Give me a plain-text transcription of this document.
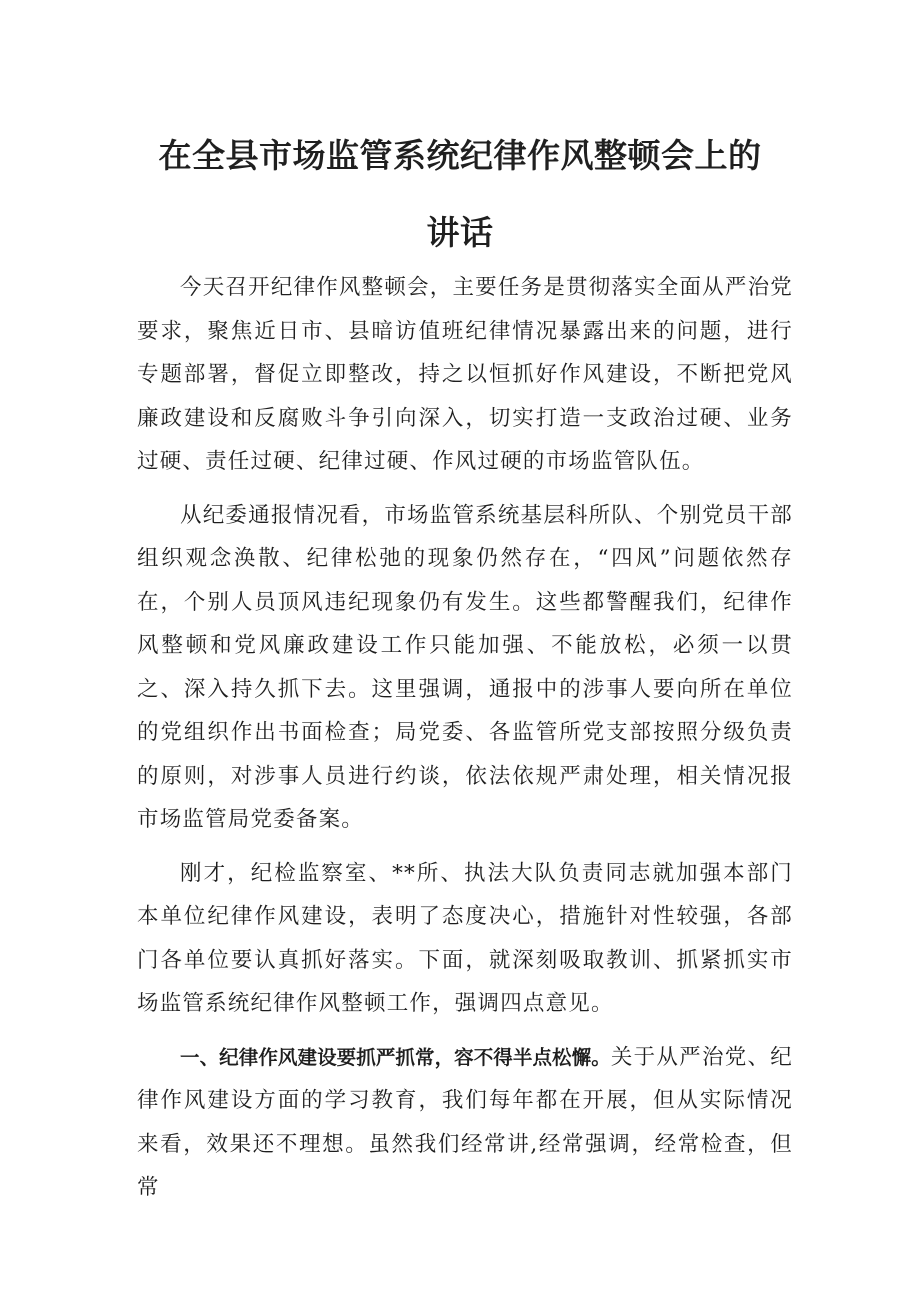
在全县市场监管系统纪律作风整顿会上的
讲话

今天召开纪律作风整顿会，主要任务是贯彻落实全面从严治党要求，聚焦近日市、县暗访值班纪律情况暴露出来的问题，进行专题部署，督促立即整改，持之以恒抓好作风建设，不断把党风廉政建设和反腐败斗争引向深入，切实打造一支政治过硬、业务过硬、责任过硬、纪律过硬、作风过硬的市场监管队伍。

从纪委通报情况看，市场监管系统基层科所队、个别党员干部组织观念涣散、纪律松弛的现象仍然存在，“四风”问题依然存在，个别人员顶风违纪现象仍有发生。这些都警醒我们，纪律作风整顿和党风廉政建设工作只能加强、不能放松，必须一以贯之、深入持久抓下去。这里强调，通报中的涉事人要向所在单位的党组织作出书面检查；局党委、各监管所党支部按照分级负责的原则，对涉事人员进行约谈，依法依规严肃处理，相关情况报市场监管局党委备案。

刚才，纪检监察室、**所、执法大队负责同志就加强本部门本单位纪律作风建设，表明了态度决心，措施针对性较强，各部门各单位要认真抓好落实。下面，就深刻吸取教训、抓紧抓实市场监管系统纪律作风整顿工作，强调四点意见。

一、纪律作风建设要抓严抓常，容不得半点松懈。关于从严治党、纪律作风建设方面的学习教育，我们每年都在开展，但从实际情况来看，效果还不理想。虽然我们经常讲,经常强调，经常检查，但常
